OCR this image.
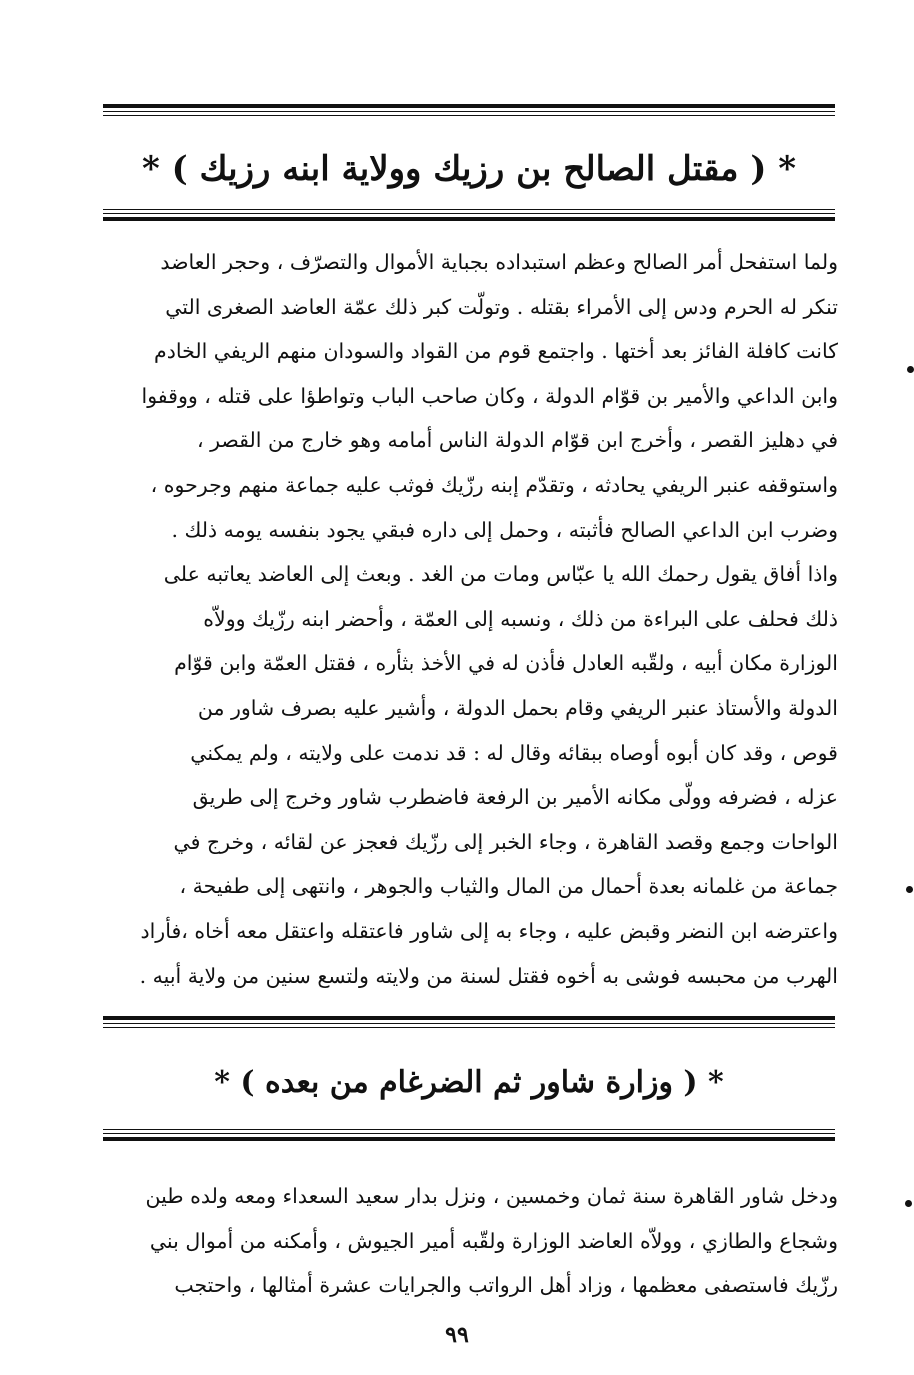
* ( مقتل الصالح بن رزيك وولاية ابنه رزيك ) *
ولما استفحل أمر الصالح وعظم استبداده بجباية الأموال والتصرّف ، وحجر العاضد
تنكر له الحرم ودس إلى الأمراء بقتله . وتولّت كبر ذلك عمّة العاضد الصغرى التي
كانت كافلة الفائز بعد أختها . واجتمع قوم من القواد والسودان منهم الريفي الخادم
وابن الداعي والأمير بن قوّام الدولة ، وكان صاحب الباب وتواطؤا على قتله ، ووقفوا
في دهليز القصر ، وأخرج ابن قوّام الدولة الناس أمامه وهو خارج من القصر ،
واستوقفه عنبر الريفي يحادثه ، وتقدّم إبنه رزّيك فوثب عليه جماعة منهم وجرحوه ،
وضرب ابن الداعي الصالح فأثبته ، وحمل إلى داره فبقي يجود بنفسه يومه ذلك .
واذا أفاق يقول رحمك الله يا عبّاس ومات من الغد . وبعث إلى العاضد يعاتبه على
ذلك فحلف على البراءة من ذلك ، ونسبه إلى العمّة ، وأحضر ابنه رزّيك وولاّه
الوزارة مكان أبيه ، ولقّبه العادل فأذن له في الأخذ بثأره ، فقتل العمّة وابن قوّام
الدولة والأستاذ عنبر الريفي وقام بحمل الدولة ، وأشير عليه بصرف شاور من
قوص ، وقد كان أبوه أوصاه ببقائه وقال له : قد ندمت على ولايته ، ولم يمكني
عزله ، فضرفه وولّى مكانه الأمير بن الرفعة فاضطرب شاور وخرج إلى طريق
الواحات وجمع وقصد القاهرة ، وجاء الخبر إلى رزّيك فعجز عن لقائه ، وخرج في
جماعة من غلمانه بعدة أحمال من المال والثياب والجوهر ، وانتهى إلى طفيحة ،
واعترضه ابن النضر وقبض عليه ، وجاء به إلى شاور فاعتقله واعتقل معه أخاه ،فأراد
الهرب من محبسه فوشى به أخوه فقتل لسنة من ولايته ولتسع سنين من ولاية أبيه .
* ( وزارة شاور ثم الضرغام من بعده ) *
ودخل شاور القاهرة سنة ثمان وخمسين ، ونزل بدار سعيد السعداء ومعه ولده طين
وشجاع والطازي ، وولاّه العاضد الوزارة ولقّبه أمير الجيوش ، وأمكنه من أموال بني
رزّيك فاستصفى معظمها ، وزاد أهل الرواتب والجرايات عشرة أمثالها ، واحتجب
٩٩
